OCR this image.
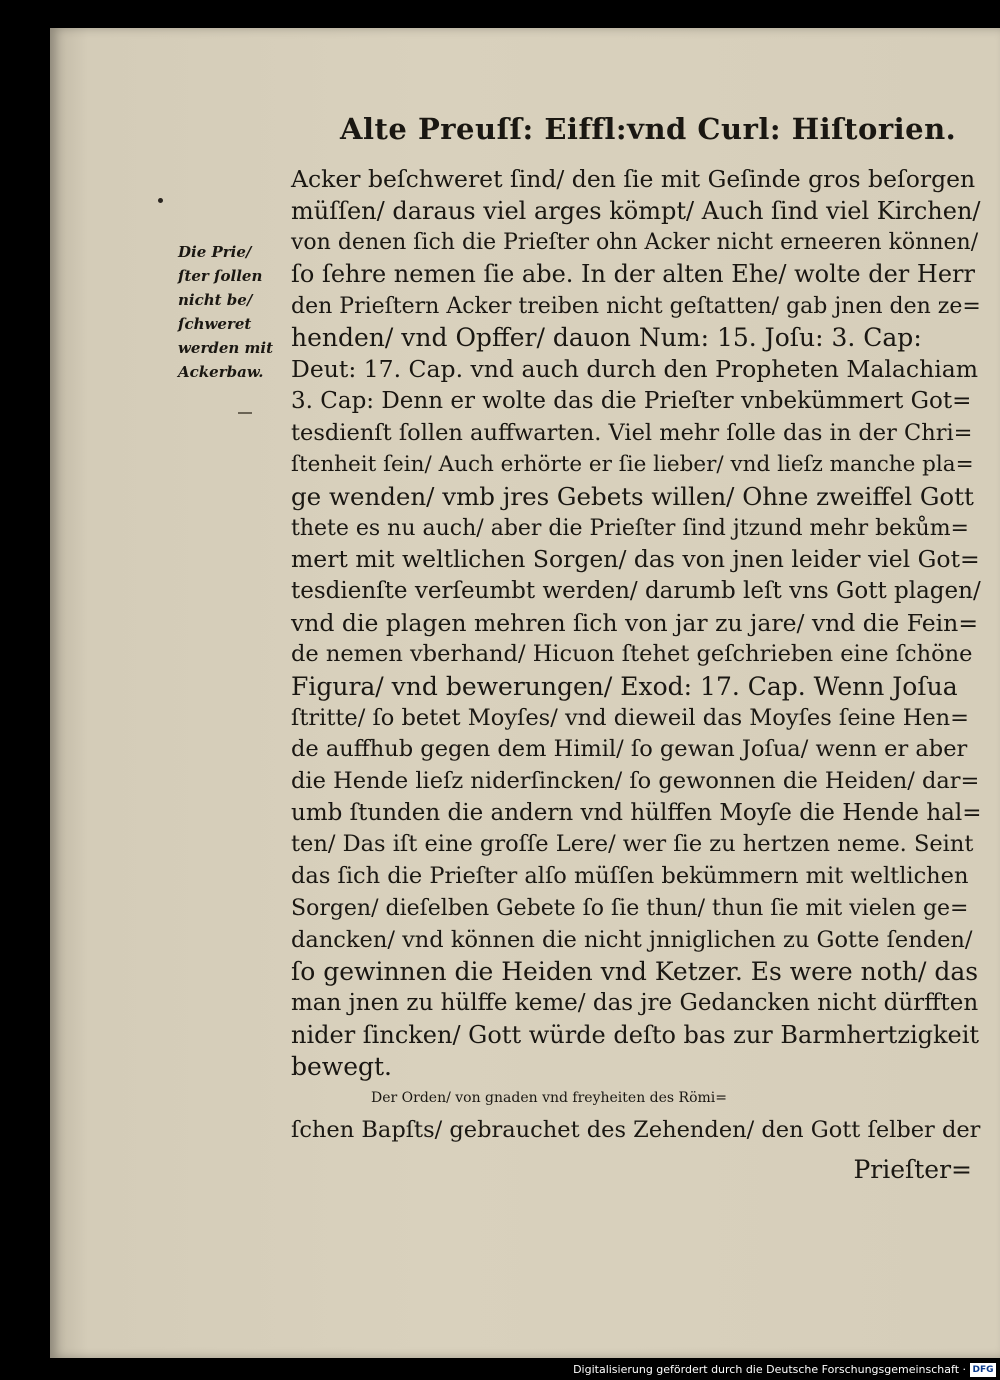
Alte Preuſſ: Eiffl:vnd Curl: Hiſtorien.
Die Prie/
ſter ſollen
nicht be/
ſchweret
werden mit
Ackerbaw.
Acker beſchweret ſind/ den ſie mit Geſinde gros beſorgen
müſſen/ daraus viel arges kömpt/ Auch ſind viel Kirchen/
von denen ſich die Prieſter ohn Acker nicht erneeren können/
ſo ſehre nemen ſie abe. In der alten Ehe/ wolte der Herr
den Prieſtern Acker treiben nicht geſtatten/ gab jnen den ze=
henden/ vnd Opffer/ dauon Num: 15. Joſu: 3. Cap:
Deut: 17. Cap. vnd auch durch den Propheten Malachiam
3. Cap: Denn er wolte das die Prieſter vnbekümmert Got=
tesdienſt ſollen auffwarten. Viel mehr ſolle das in der Chri=
ſtenheit ſein/ Auch erhörte er ſie lieber/ vnd lieſz manche pla=
ge wenden/ vmb jres Gebets willen/ Ohne zweiffel Gott
thete es nu auch/ aber die Prieſter ſind jtzund mehr bekům=
mert mit weltlichen Sorgen/ das von jnen leider viel Got=
tesdienſte verſeumbt werden/ darumb leſt vns Gott plagen/
vnd die plagen mehren ſich von jar zu jare/ vnd die Fein=
de nemen vberhand/ Hicuon ſtehet geſchrieben eine ſchöne
Figura/ vnd bewerungen/ Exod: 17. Cap. Wenn Joſua
ſtritte/ ſo betet Moyſes/ vnd dieweil das Moyſes ſeine Hen=
de auffhub gegen dem Himil/ ſo gewan Joſua/ wenn er aber
die Hende lieſz niderſincken/ ſo gewonnen die Heiden/ dar=
umb ſtunden die andern vnd hülffen Moyſe die Hende hal=
ten/ Das iſt eine groſſe Lere/ wer ſie zu hertzen neme. Seint
das ſich die Prieſter alſo müſſen bekümmern mit weltlichen
Sorgen/ dieſelben Gebete ſo ſie thun/ thun ſie mit vielen ge=
dancken/ vnd können die nicht jnniglichen zu Gotte ſenden/
ſo gewinnen die Heiden vnd Ketzer. Es were noth/ das
man jnen zu hülffe keme/ das jre Gedancken nicht dürfften
nider ſincken/ Gott würde deſto bas zur Barmhertzigkeit
bewegt.
Der Orden/ von gnaden vnd freyheiten des Römi=
ſchen Bapſts/ gebrauchet des Zehenden/ den Gott ſelber der
Prieſter=
Digitalisierung gefördert durch die Deutsche Forschungsgemeinschaft · DFG
